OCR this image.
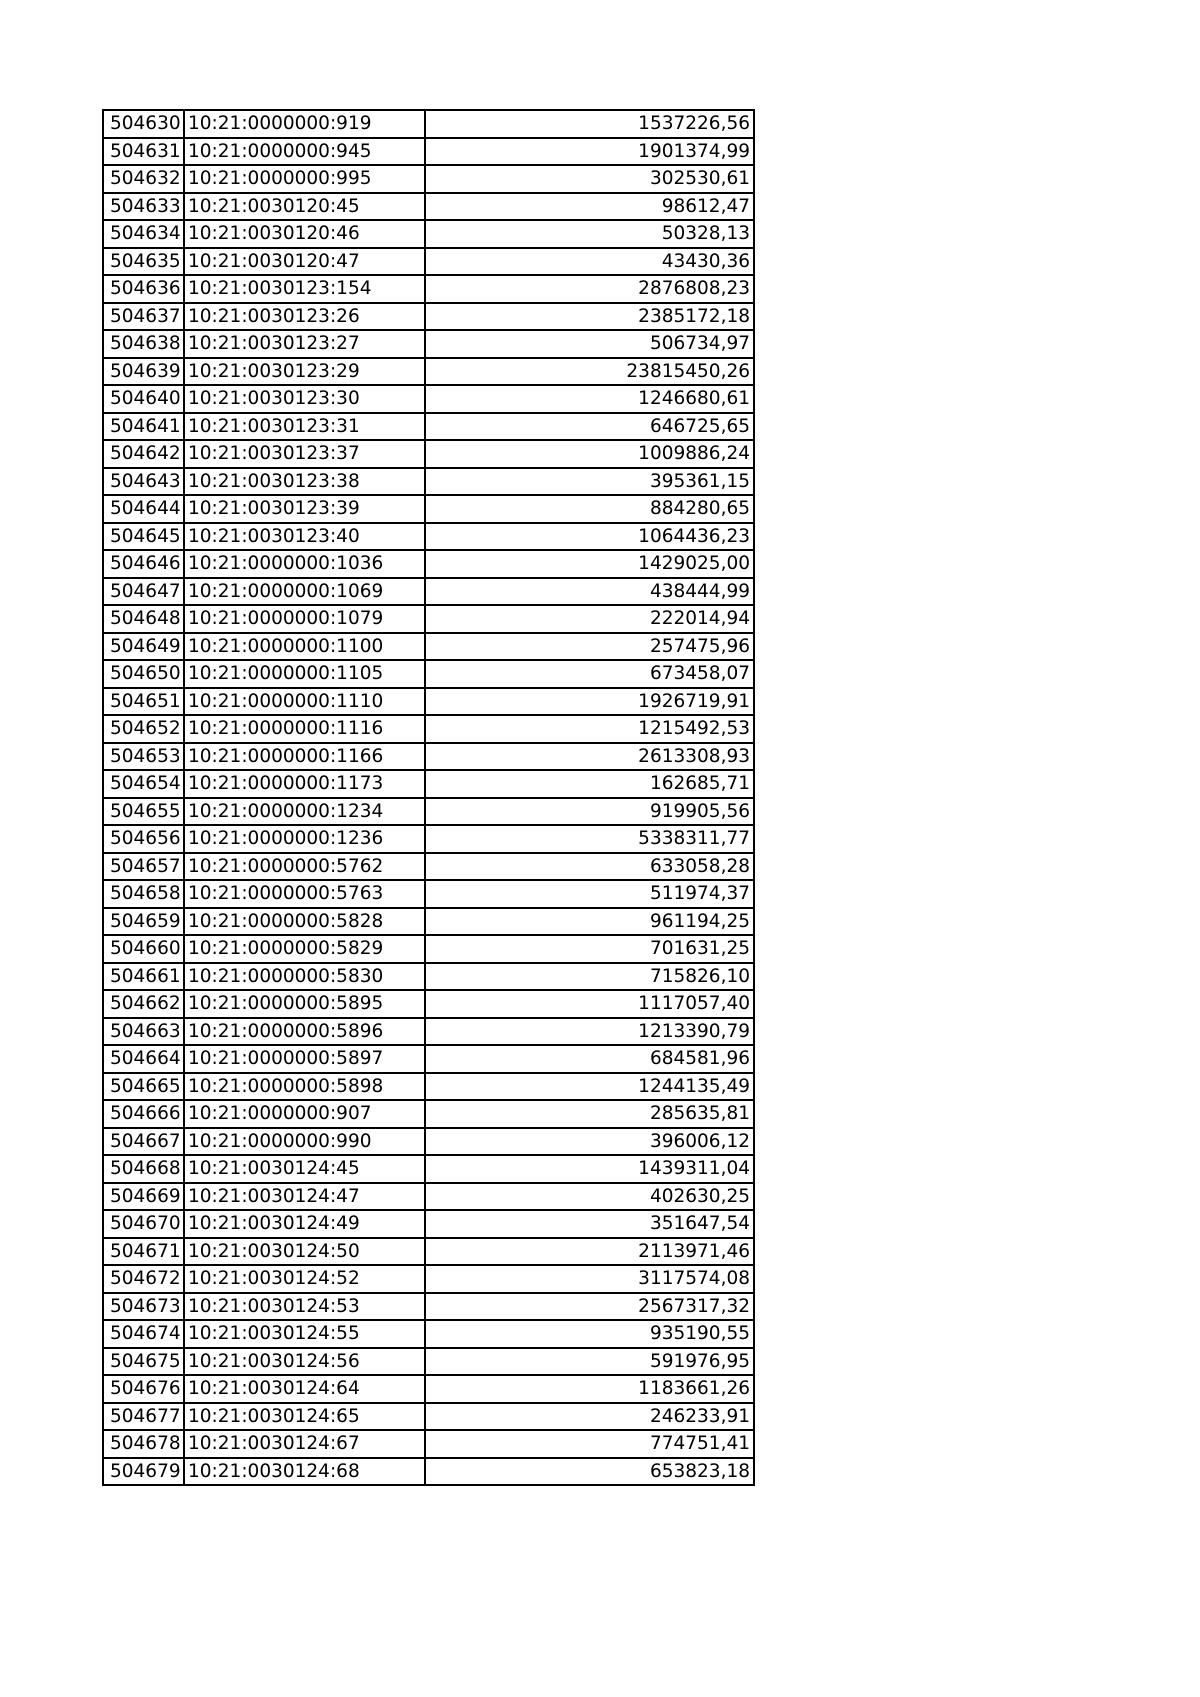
504630	10:21:0000000:919	1537226,56
504631	10:21:0000000:945	1901374,99
504632	10:21:0000000:995	302530,61
504633	10:21:0030120:45	98612,47
504634	10:21:0030120:46	50328,13
504635	10:21:0030120:47	43430,36
504636	10:21:0030123:154	2876808,23
504637	10:21:0030123:26	2385172,18
504638	10:21:0030123:27	506734,97
504639	10:21:0030123:29	23815450,26
504640	10:21:0030123:30	1246680,61
504641	10:21:0030123:31	646725,65
504642	10:21:0030123:37	1009886,24
504643	10:21:0030123:38	395361,15
504644	10:21:0030123:39	884280,65
504645	10:21:0030123:40	1064436,23
504646	10:21:0000000:1036	1429025,00
504647	10:21:0000000:1069	438444,99
504648	10:21:0000000:1079	222014,94
504649	10:21:0000000:1100	257475,96
504650	10:21:0000000:1105	673458,07
504651	10:21:0000000:1110	1926719,91
504652	10:21:0000000:1116	1215492,53
504653	10:21:0000000:1166	2613308,93
504654	10:21:0000000:1173	162685,71
504655	10:21:0000000:1234	919905,56
504656	10:21:0000000:1236	5338311,77
504657	10:21:0000000:5762	633058,28
504658	10:21:0000000:5763	511974,37
504659	10:21:0000000:5828	961194,25
504660	10:21:0000000:5829	701631,25
504661	10:21:0000000:5830	715826,10
504662	10:21:0000000:5895	1117057,40
504663	10:21:0000000:5896	1213390,79
504664	10:21:0000000:5897	684581,96
504665	10:21:0000000:5898	1244135,49
504666	10:21:0000000:907	285635,81
504667	10:21:0000000:990	396006,12
504668	10:21:0030124:45	1439311,04
504669	10:21:0030124:47	402630,25
504670	10:21:0030124:49	351647,54
504671	10:21:0030124:50	2113971,46
504672	10:21:0030124:52	3117574,08
504673	10:21:0030124:53	2567317,32
504674	10:21:0030124:55	935190,55
504675	10:21:0030124:56	591976,95
504676	10:21:0030124:64	1183661,26
504677	10:21:0030124:65	246233,91
504678	10:21:0030124:67	774751,41
504679	10:21:0030124:68	653823,18
